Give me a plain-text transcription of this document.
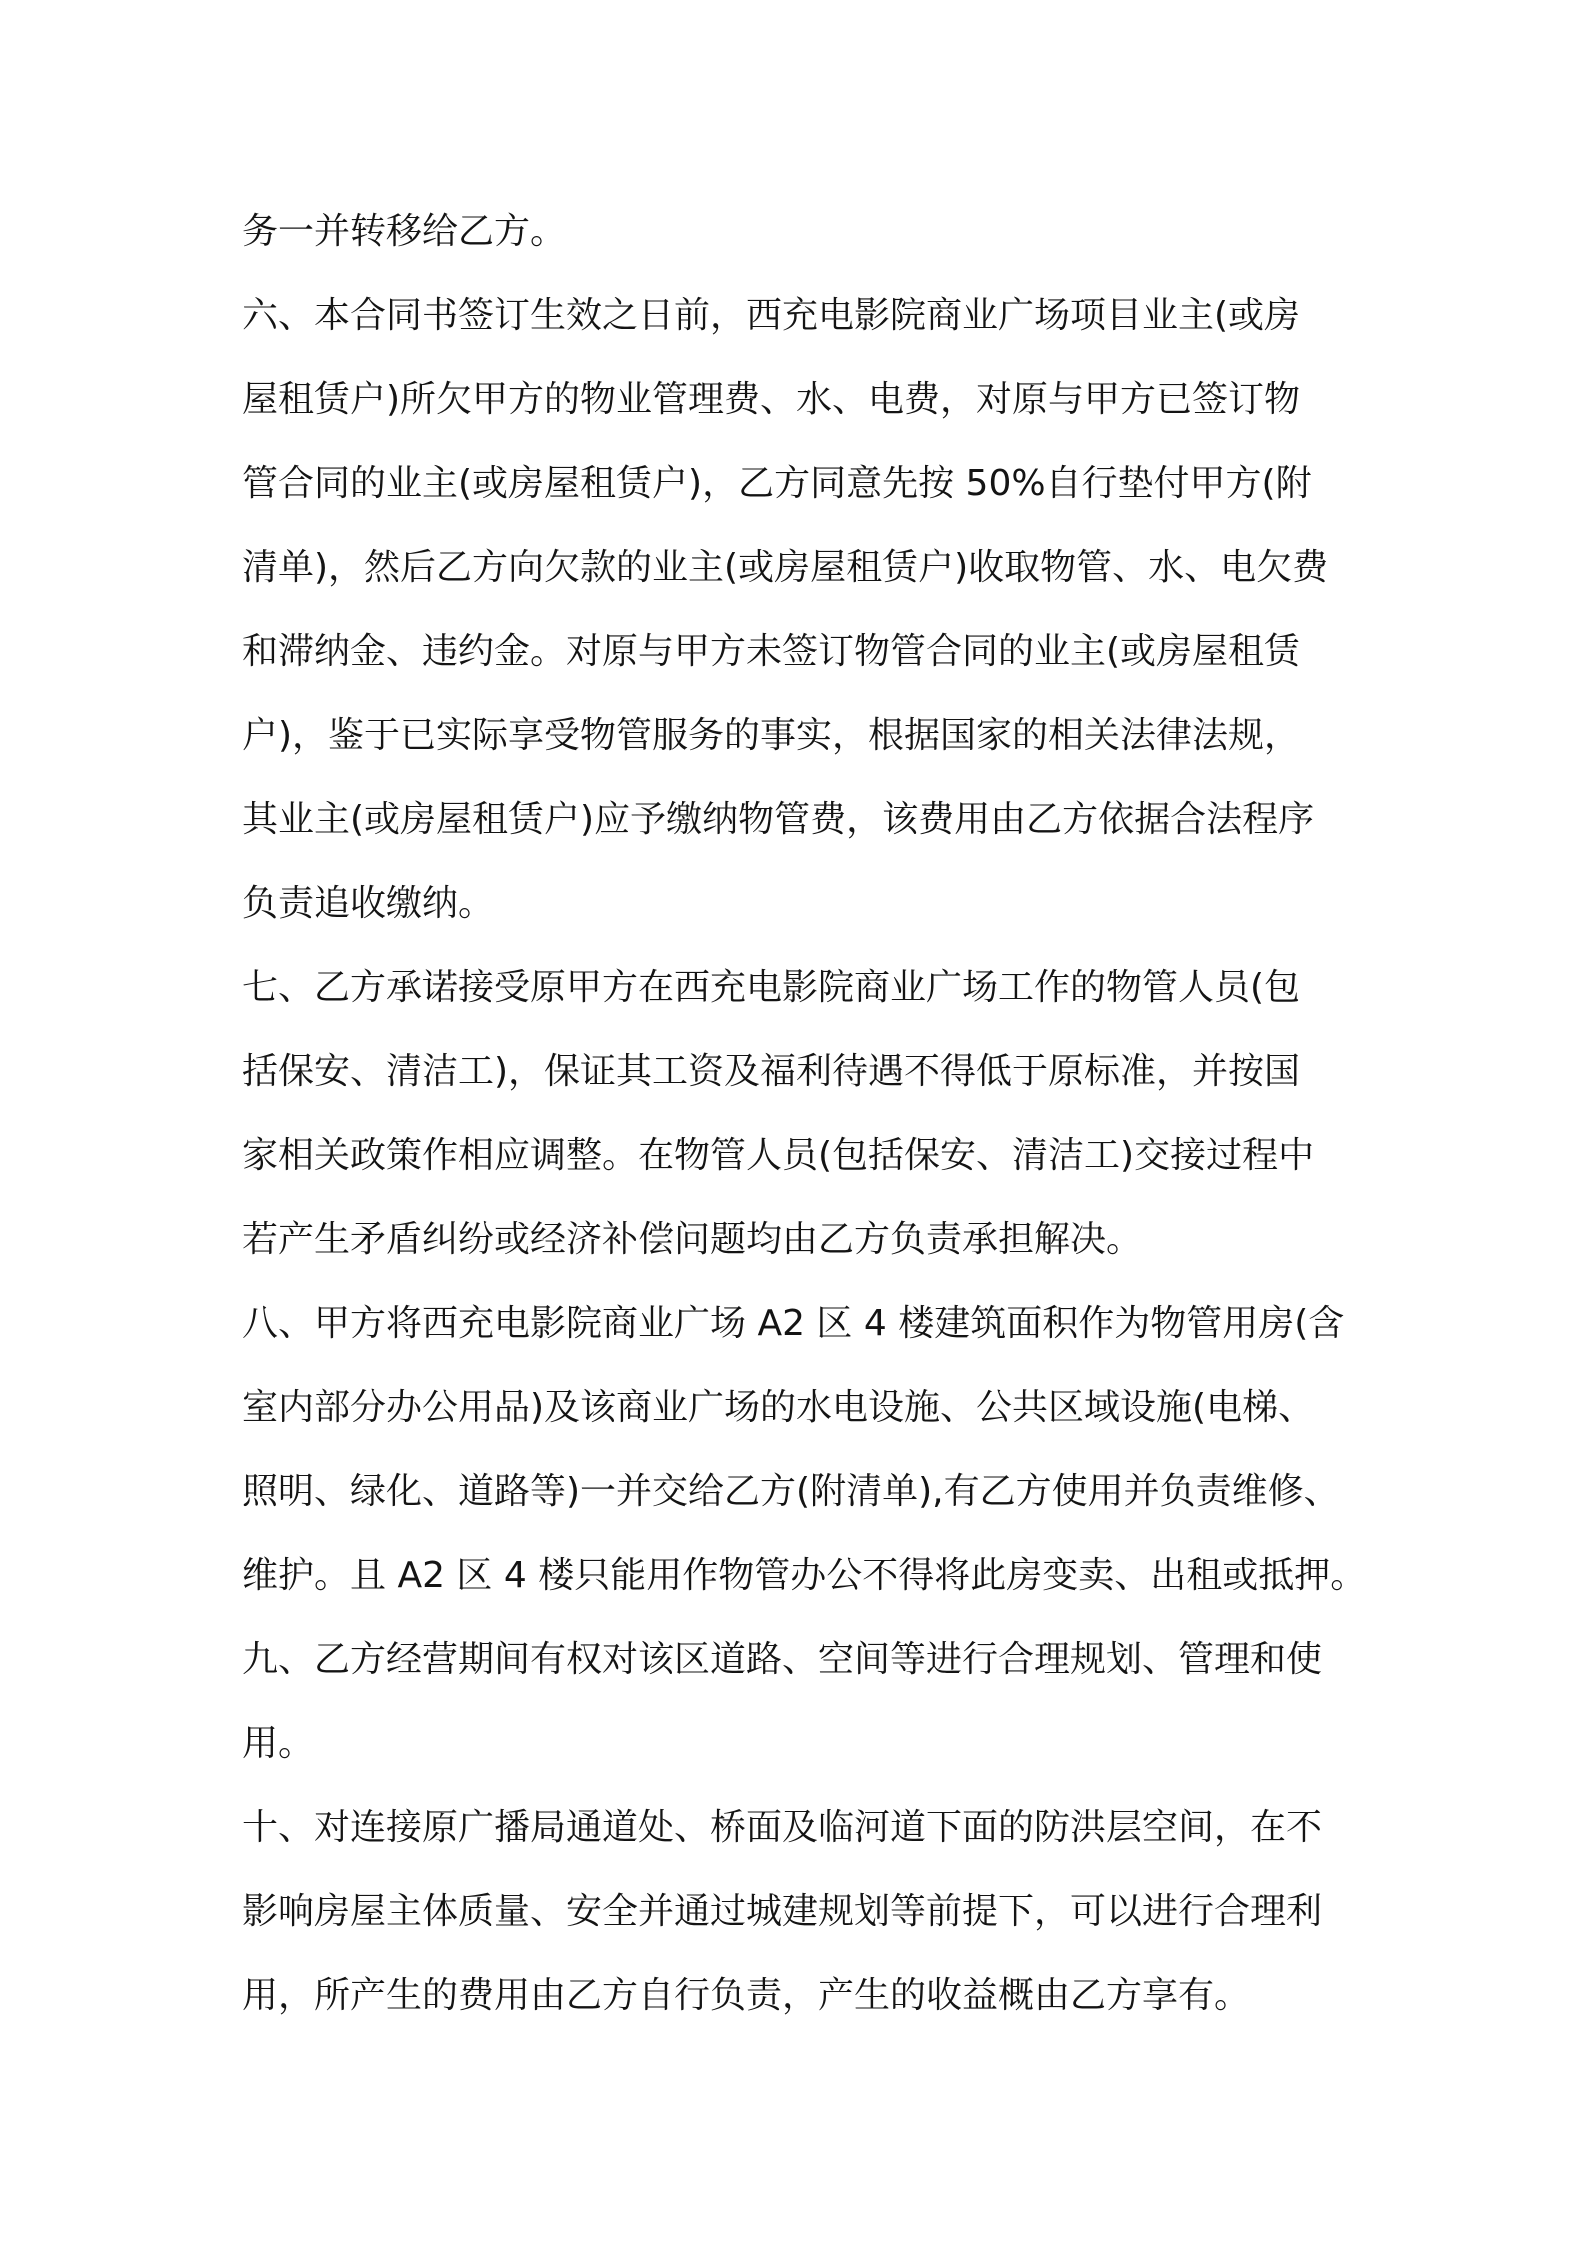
务一并转移给乙方。
六、本合同书签订生效之日前，西充电影院商业广场项目业主(或房
屋租赁户)所欠甲方的物业管理费、水、电费，对原与甲方已签订物
管合同的业主(或房屋租赁户)，乙方同意先按 50%自行垫付甲方(附
清单)，然后乙方向欠款的业主(或房屋租赁户)收取物管、水、电欠费
和滞纳金、违约金。对原与甲方未签订物管合同的业主(或房屋租赁
户)，鉴于已实际享受物管服务的事实，根据国家的相关法律法规，
其业主(或房屋租赁户)应予缴纳物管费，该费用由乙方依据合法程序
负责追收缴纳。
七、乙方承诺接受原甲方在西充电影院商业广场工作的物管人员(包
括保安、清洁工)，保证其工资及福利待遇不得低于原标准，并按国
家相关政策作相应调整。在物管人员(包括保安、清洁工)交接过程中
若产生矛盾纠纷或经济补偿问题均由乙方负责承担解决。
八、甲方将西充电影院商业广场 A2 区 4 楼建筑面积作为物管用房(含
室内部分办公用品)及该商业广场的水电设施、公共区域设施(电梯、
照明、绿化、道路等)一并交给乙方(附清单),有乙方使用并负责维修、
维护。且 A2 区 4 楼只能用作物管办公不得将此房变卖、出租或抵押。
九、乙方经营期间有权对该区道路、空间等进行合理规划、管理和使
用。
十、对连接原广播局通道处、桥面及临河道下面的防洪层空间，在不
影响房屋主体质量、安全并通过城建规划等前提下，可以进行合理利
用，所产生的费用由乙方自行负责，产生的收益概由乙方享有。
